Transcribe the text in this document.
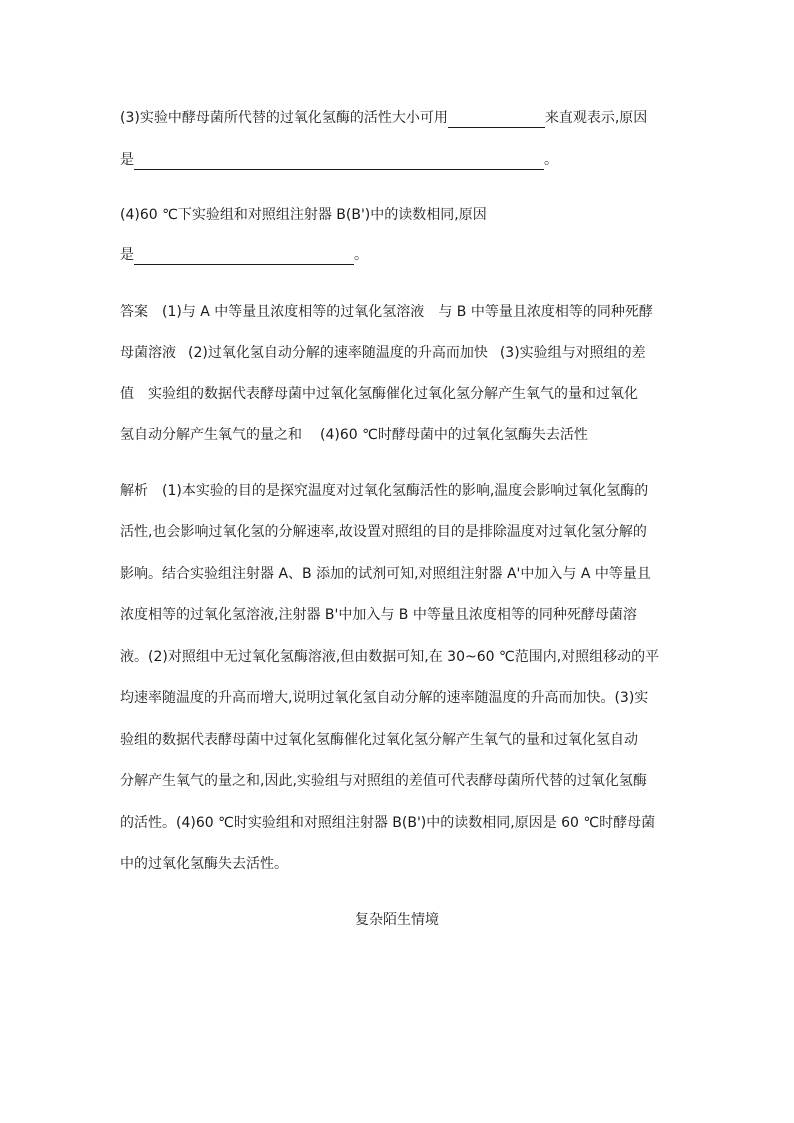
(3)实验中酵母菌所代替的过氧化氢酶的活性大小可用	来直观表示,原因
是	。
(4)60 ℃下实验组和对照组注射器 B(B')中的读数相同,原因
是	。
答案 (1)与 A 中等量且浓度相等的过氧化氢溶液 与 B 中等量且浓度相等的同种死酵
母菌溶液 (2)过氧化氢自动分解的速率随温度的升高而加快 (3)实验组与对照组的差
值 实验组的数据代表酵母菌中过氧化氢酶催化过氧化氢分解产生氧气的量和过氧化
氢自动分解产生氧气的量之和 (4)60 ℃时酵母菌中的过氧化氢酶失去活性
解析 (1)本实验的目的是探究温度对过氧化氢酶活性的影响,温度会影响过氧化氢酶的
活性,也会影响过氧化氢的分解速率,故设置对照组的目的是排除温度对过氧化氢分解的
影响。结合实验组注射器 A、B 添加的试剂可知,对照组注射器 A'中加入与 A 中等量且
浓度相等的过氧化氢溶液,注射器 B'中加入与 B 中等量且浓度相等的同种死酵母菌溶
液。(2)对照组中无过氧化氢酶溶液,但由数据可知,在 30~60 ℃范围内,对照组移动的平
均速率随温度的升高而增大,说明过氧化氢自动分解的速率随温度的升高而加快。(3)实
验组的数据代表酵母菌中过氧化氢酶催化过氧化氢分解产生氧气的量和过氧化氢自动
分解产生氧气的量之和,因此,实验组与对照组的差值可代表酵母菌所代替的过氧化氢酶
的活性。(4)60 ℃时实验组和对照组注射器 B(B')中的读数相同,原因是 60 ℃时酵母菌
中的过氧化氢酶失去活性。
复杂陌生情境
